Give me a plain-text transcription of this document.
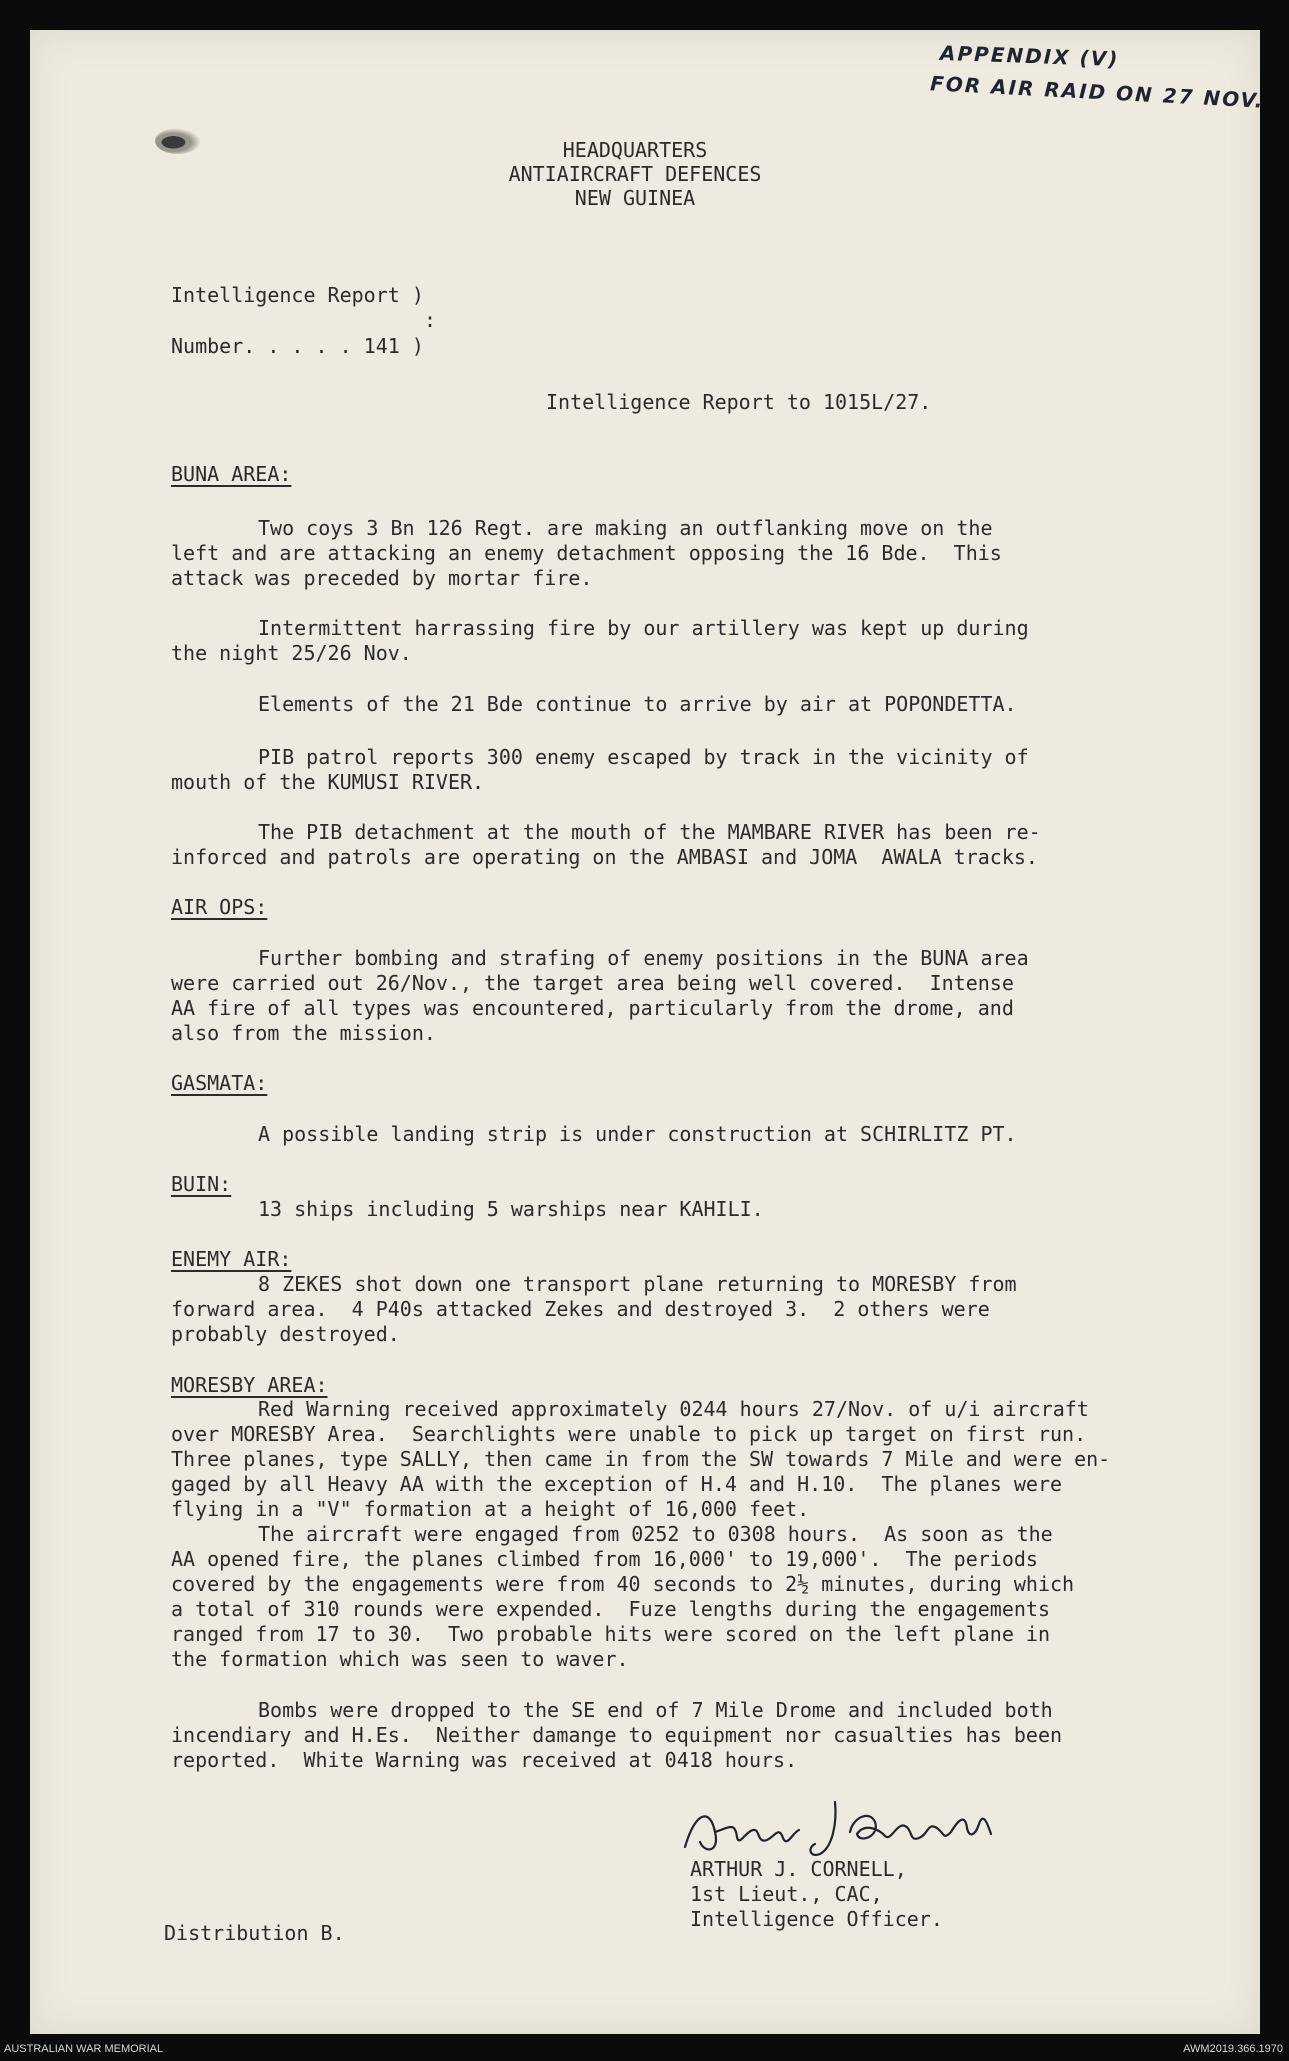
APPENDIX (V)
FOR AIR RAID ON 27 NOV.
HEADQUARTERS
ANTIAIRCRAFT DEFENCES
NEW GUINEA
Intelligence Report )
:
Number. . . . . 141 )
Intelligence Report to 1015L/27.
BUNA AREA:
Two coys 3 Bn 126 Regt. are making an outflanking move on the
left and are attacking an enemy detachment opposing the 16 Bde.  This
attack was preceded by mortar fire.
Intermittent harrassing fire by our artillery was kept up during
the night 25/26 Nov.
Elements of the 21 Bde continue to arrive by air at POPONDETTA.
PIB patrol reports 300 enemy escaped by track in the vicinity of
mouth of the KUMUSI RIVER.
The PIB detachment at the mouth of the MAMBARE RIVER has been re-
inforced and patrols are operating on the AMBASI and JOMA  AWALA tracks.
AIR OPS:
Further bombing and strafing of enemy positions in the BUNA area
were carried out 26/Nov., the target area being well covered.  Intense
AA fire of all types was encountered, particularly from the drome, and
also from the mission.
GASMATA:
A possible landing strip is under construction at SCHIRLITZ PT.
BUIN:
13 ships including 5 warships near KAHILI.
ENEMY AIR:
8 ZEKES shot down one transport plane returning to MORESBY from
forward area.  4 P40s attacked Zekes and destroyed 3.  2 others were
probably destroyed.
MORESBY AREA:
Red Warning received approximately 0244 hours 27/Nov. of u/i aircraft
over MORESBY Area.  Searchlights were unable to pick up target on first run.
Three planes, type SALLY, then came in from the SW towards 7 Mile and were en-
gaged by all Heavy AA with the exception of H.4 and H.10.  The planes were
flying in a "V" formation at a height of 16,000 feet.
The aircraft were engaged from 0252 to 0308 hours.  As soon as the
AA opened fire, the planes climbed from 16,000' to 19,000'.  The periods
covered by the engagements were from 40 seconds to 2½ minutes, during which
a total of 310 rounds were expended.  Fuze lengths during the engagements
ranged from 17 to 30.  Two probable hits were scored on the left plane in
the formation which was seen to waver.
Bombs were dropped to the SE end of 7 Mile Drome and included both
incendiary and H.Es.  Neither damange to equipment nor casualties has been
reported.  White Warning was received at 0418 hours.
ARTHUR J. CORNELL,
1st Lieut., CAC,
Intelligence Officer.
Distribution B.
AUSTRALIAN WAR MEMORIAL	AWM2019.366.1970
